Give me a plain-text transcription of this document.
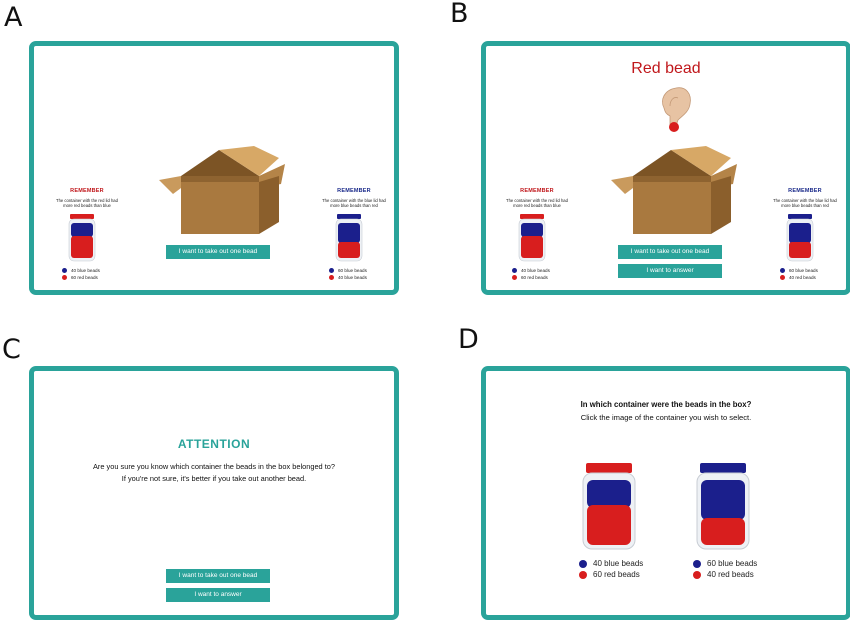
A	B
C	D
REMEMBER
The container with the red lid had more red beads than blue
40 blue beads
60 red beads
REMEMBER
The container with the blue lid had more blue beads than red
60 blue beads
40 blue beads
I want to take out one bead
Red bead
REMEMBER
The container with the red lid had more red beads than blue
40 blue beads
60 red beads
REMEMBER
The container with the blue lid had more blue beads than red
60 blue beads
40 red beads
I want to take out one bead
I want to answer
ATTENTION
Are you sure you know which container the beads in the box belonged to?
If you're not sure, it's better if you take out another bead.
I want to take out one bead
I want to answer
In which container were the beads in the box?
Click the image of the container you wish to select.
40 blue beads
60 red beads
60 blue beads
40 red beads
